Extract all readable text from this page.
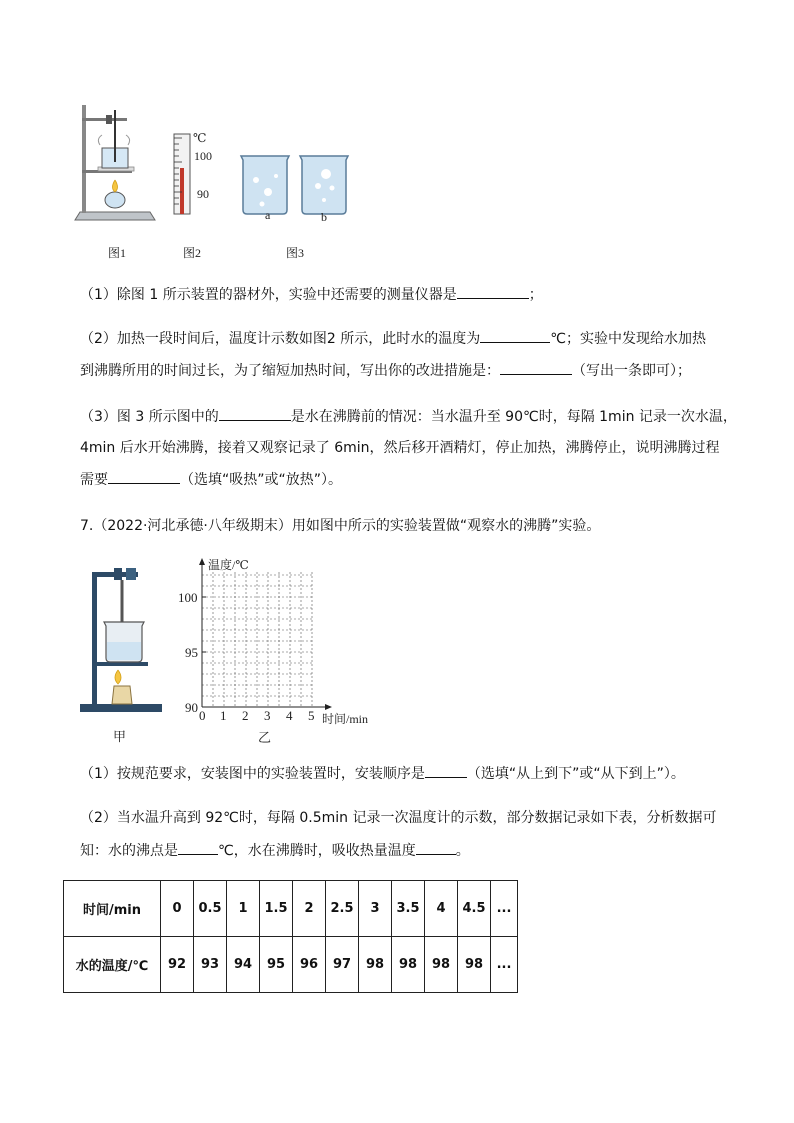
图1
℃
100
90
图2
a	b
图3
（1）除图 1 所示装置的器材外，实验中还需要的测量仪器是	；
（2）加热一段时间后，温度计示数如图2 所示，此时水的温度为	℃；实验中发现给水加热
到沸腾所用的时间过长，为了缩短加热时间，写出你的改进措施是：	（写出一条即可）；
（3）图 3 所示图中的	是水在沸腾前的情况：当水温升至 90℃时，每隔 1min 记录一次水温，
4min 后水开始沸腾，接着又观察记录了 6min，然后移开酒精灯，停止加热，沸腾停止，说明沸腾过程
需要	（选填“吸热”或“放热”）。
7.（2022·河北承德·八年级期末）用如图中所示的实验装置做“观察水的沸腾”实验。
甲
温度/℃
时间/min
100
95
90
0 1 2 3 4 5
乙
（1）按规范要求，安装图中的实验装置时，安装顺序是	（选填“从上到下”或“从下到上”）。
（2）当水温升高到 92℃时，每隔 0.5min 记录一次温度计的示数，部分数据记录如下表，分析数据可
知：水的沸点是	℃，水在沸腾时，吸收热量温度	。
时间/min	0	0.5	1	1.5	2	2.5	3	3.5	4	4.5	...
水的温度/℃	92	93	94	95	96	97	98	98	98	98	...
